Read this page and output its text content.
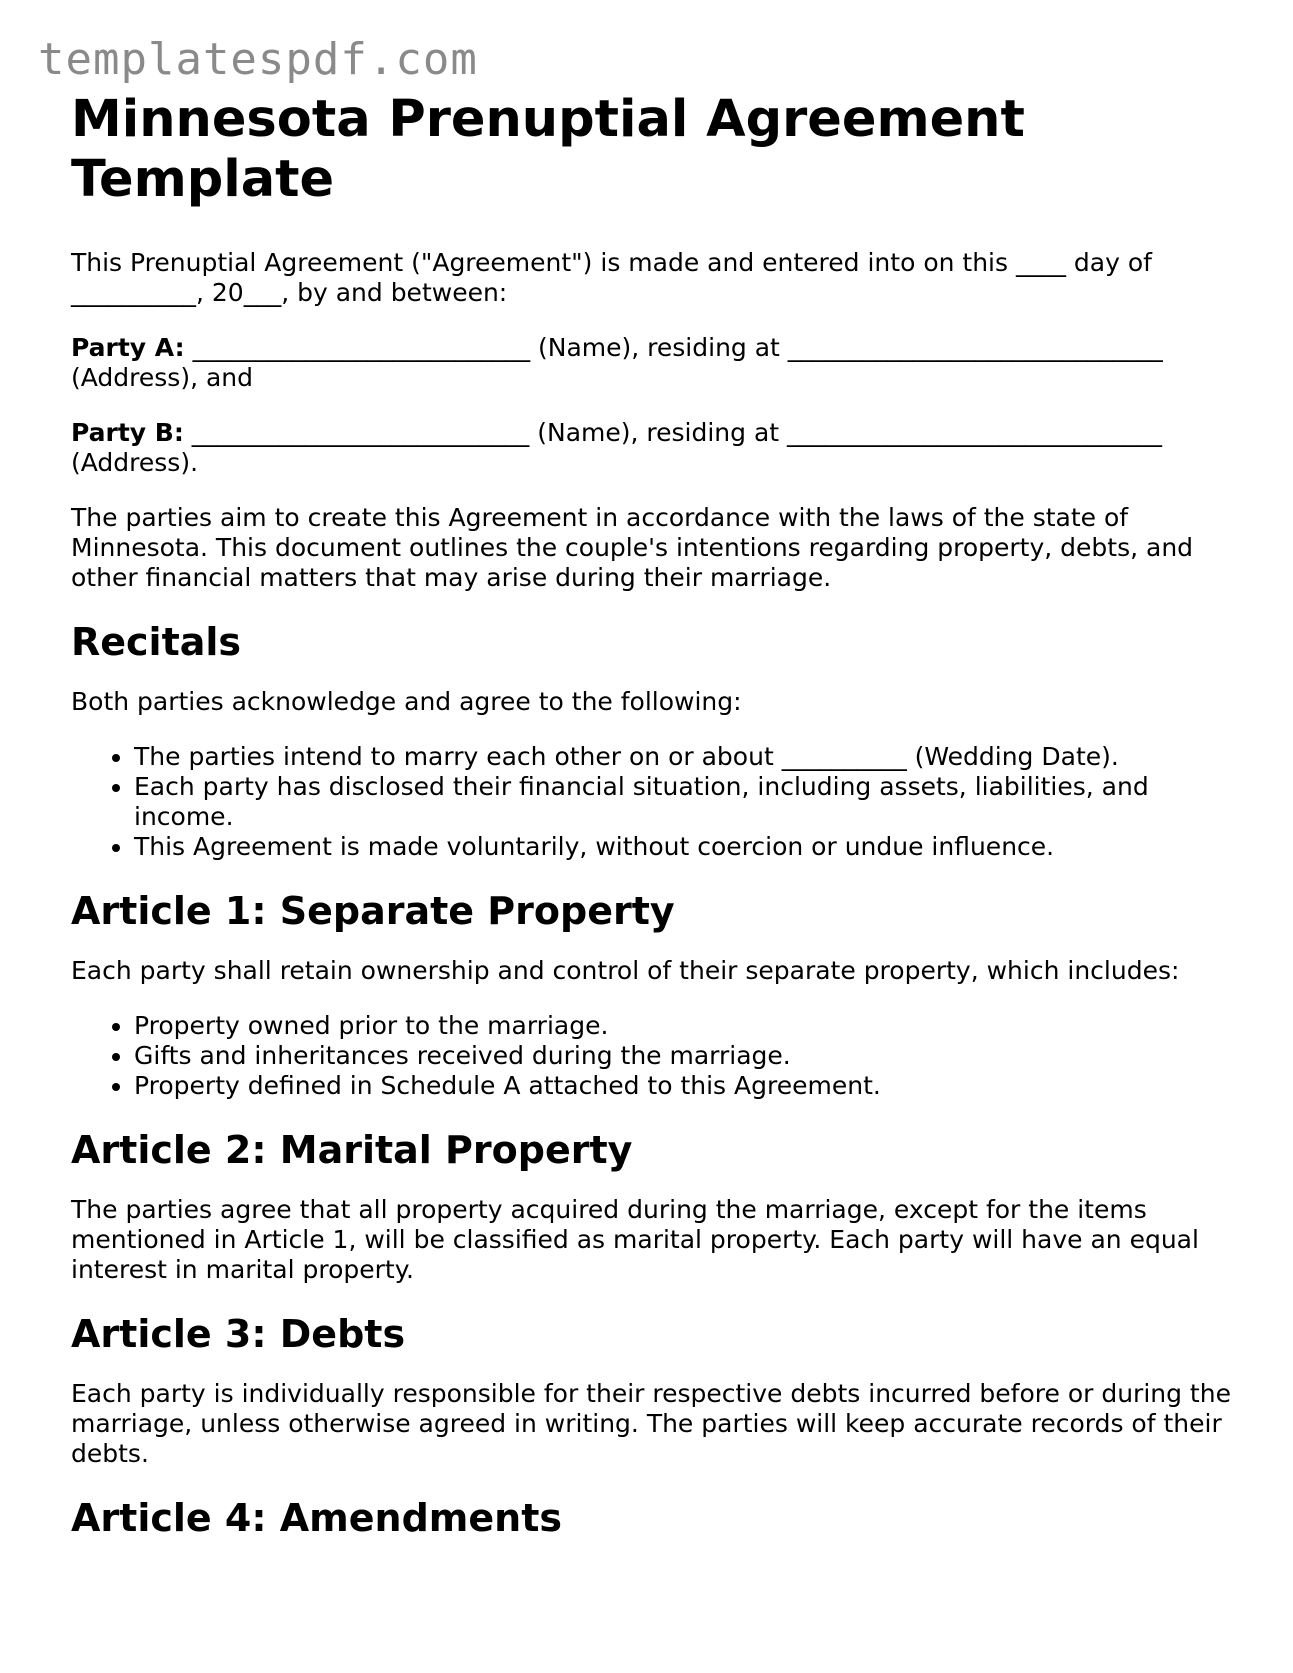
templatespdf.com
Minnesota Prenuptial Agreement Template

This Prenuptial Agreement ("Agreement") is made and entered into on this ____ day of __________, 20___, by and between:

Party A: ___________________________ (Name), residing at ______________________________ (Address), and

Party B: ___________________________ (Name), residing at ______________________________ (Address).

The parties aim to create this Agreement in accordance with the laws of the state of Minnesota. This document outlines the couple's intentions regarding property, debts, and other financial matters that may arise during their marriage.

Recitals

Both parties acknowledge and agree to the following:

• The parties intend to marry each other on or about __________ (Wedding Date).
• Each party has disclosed their financial situation, including assets, liabilities, and income.
• This Agreement is made voluntarily, without coercion or undue influence.
Article 1: Separate Property

Each party shall retain ownership and control of their separate property, which includes:

• Property owned prior to the marriage.
• Gifts and inheritances received during the marriage.
• Property defined in Schedule A attached to this Agreement.
Article 2: Marital Property

The parties agree that all property acquired during the marriage, except for the items mentioned in Article 1, will be classified as marital property. Each party will have an equal interest in marital property.

Article 3: Debts

Each party is individually responsible for their respective debts incurred before or during the marriage, unless otherwise agreed in writing. The parties will keep accurate records of their debts.

Article 4: Amendments
